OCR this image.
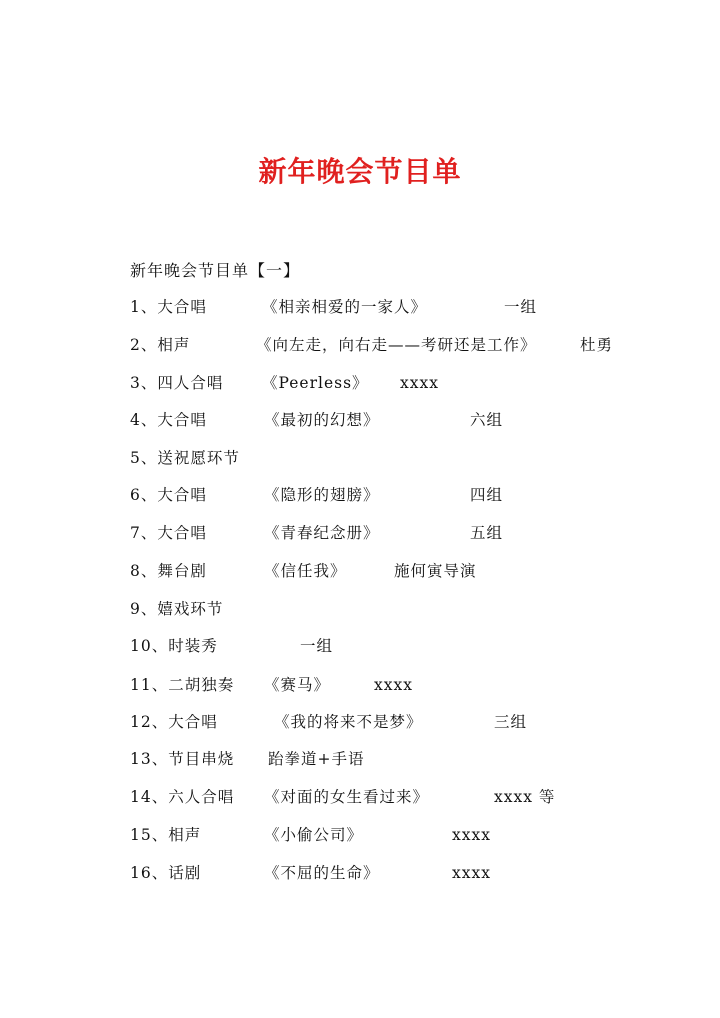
新年晚会节目单
新年晚会节目单【一】
1、大合唱	《相亲相爱的一家人》	一组
2、相声	《向左走，向右走——考研还是工作》	杜勇
3、四人合唱 《Peerless》 xxxx
4、大合唱	《最初的幻想》	六组
5、送祝愿环节
6、大合唱	《隐形的翅膀》	四组
7、大合唱	《青春纪念册》	五组
8、舞台剧	《信任我》	施何寅导演
9、嬉戏环节
10、时装秀	一组
11、二胡独奏 《赛马》	xxxx
12、大合唱	《我的将来不是梦》	三组
13、节目串烧 跆拳道+手语
14、六人合唱 《对面的女生看过来》	xxxx 等
15、相声	《小偷公司》	xxxx
16、话剧	《不屈的生命》	xxxx
